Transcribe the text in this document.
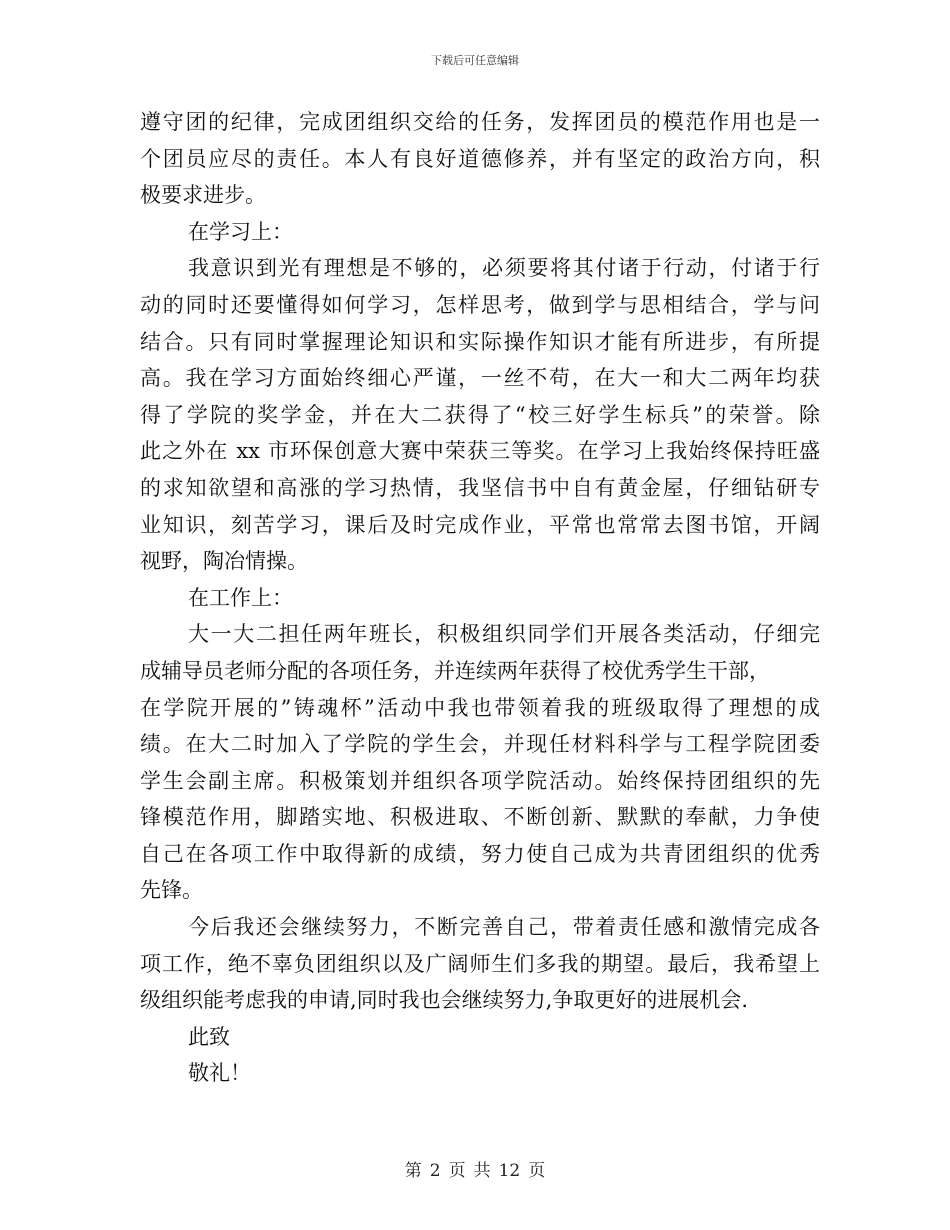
下载后可任意编辑
遵守团的纪律，完成团组织交给的任务，发挥团员的模范作用也是一
个团员应尽的责任。本人有良好道德修养，并有坚定的政治方向，积
极要求进步。
在学习上：
我意识到光有理想是不够的，必须要将其付诸于行动，付诸于行
动的同时还要懂得如何学习，怎样思考，做到学与思相结合，学与问
结合。只有同时掌握理论知识和实际操作知识才能有所进步，有所提
高。我在学习方面始终细心严谨，一丝不苟，在大一和大二两年均获
得了学院的奖学金，并在大二获得了“校三好学生标兵”的荣誉。除
此之外在 xx 市环保创意大赛中荣获三等奖。在学习上我始终保持旺盛
的求知欲望和高涨的学习热情，我坚信书中自有黄金屋，仔细钻研专
业知识，刻苦学习，课后及时完成作业，平常也常常去图书馆，开阔
视野，陶冶情操。
在工作上：
大一大二担任两年班长，积极组织同学们开展各类活动，仔细完
成辅导员老师分配的各项任务，并连续两年获得了校优秀学生干部，
在学院开展的”铸魂杯”活动中我也带领着我的班级取得了理想的成
绩。在大二时加入了学院的学生会，并现任材料科学与工程学院团委
学生会副主席。积极策划并组织各项学院活动。始终保持团组织的先
锋模范作用，脚踏实地、积极进取、不断创新、默默的奉献，力争使
自己在各项工作中取得新的成绩，努力使自己成为共青团组织的优秀
先锋。
今后我还会继续努力，不断完善自己，带着责任感和激情完成各
项工作，绝不辜负团组织以及广阔师生们多我的期望。最后，我希望上
级组织能考虑我的申请,同时我也会继续努力,争取更好的进展机会.
此致
敬礼！
第 2 页 共 12 页
